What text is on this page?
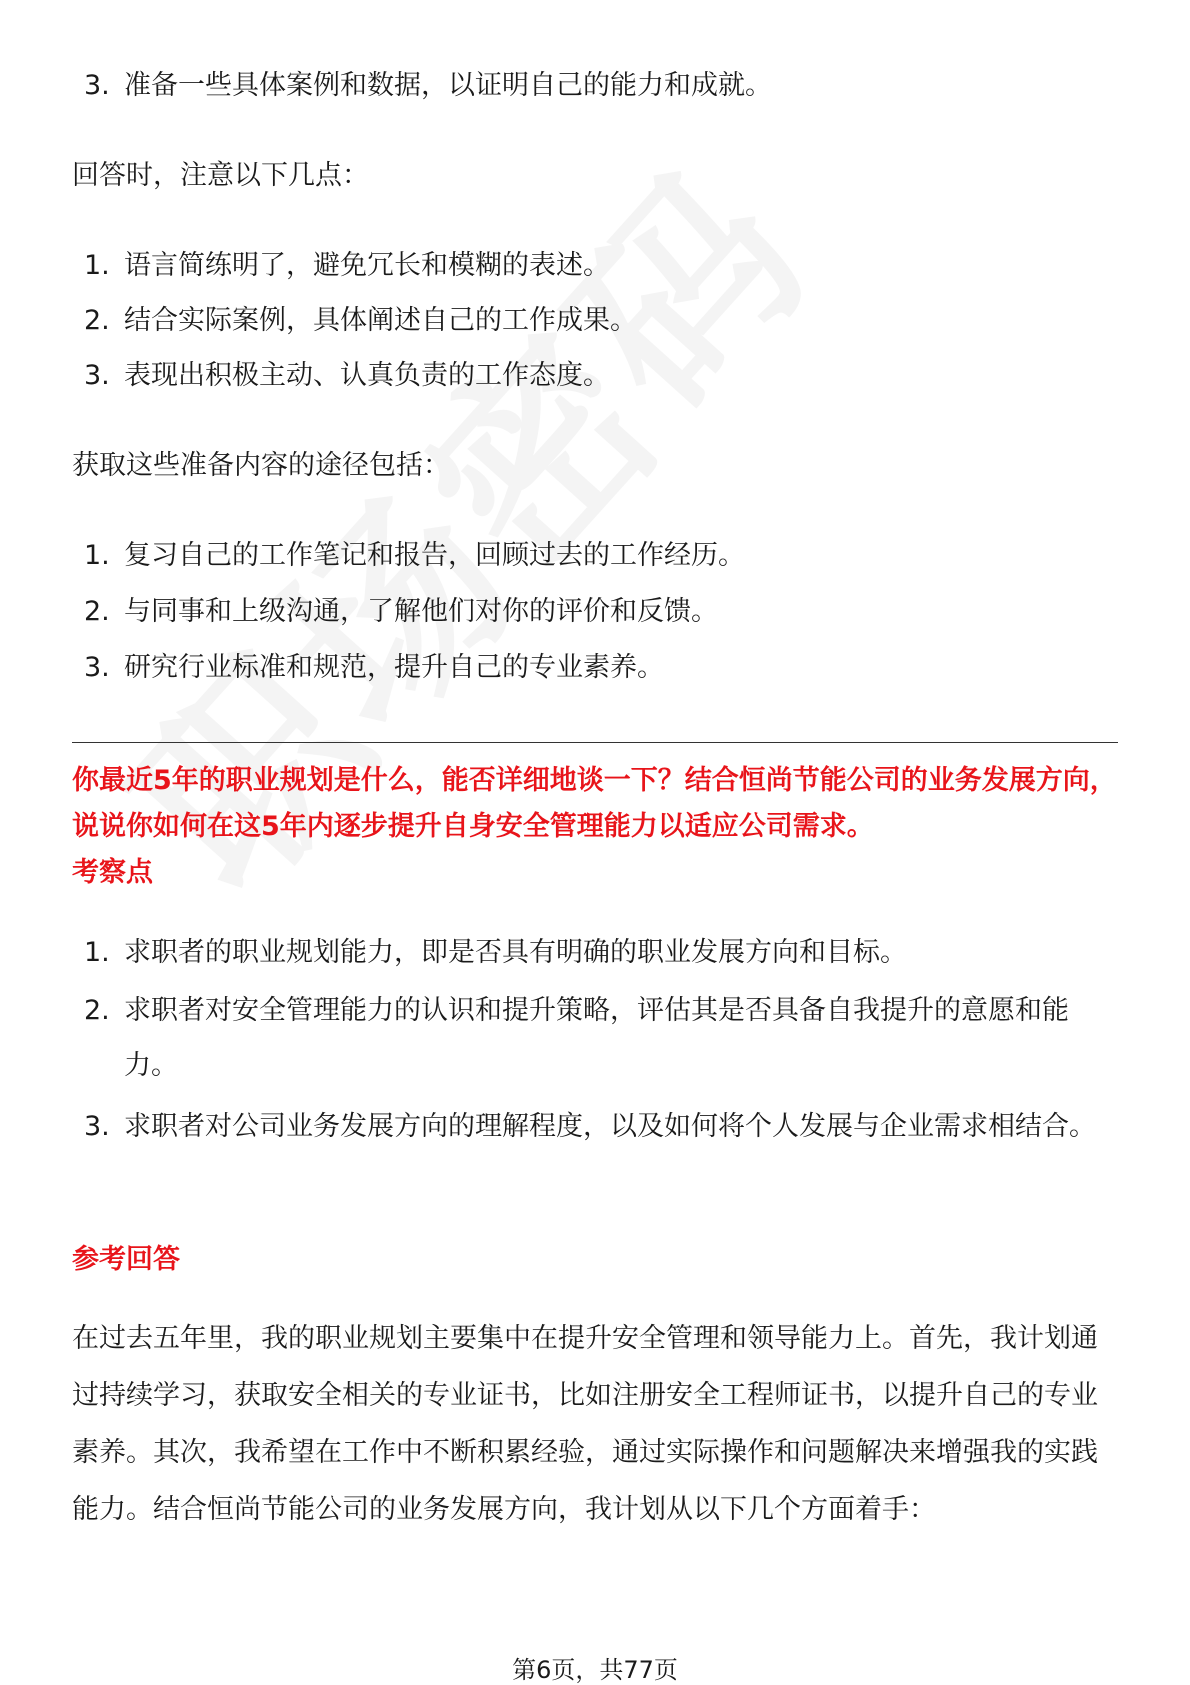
3. 准备一些具体案例和数据，以证明自己的能力和成就。
回答时，注意以下几点：
1. 语言简练明了，避免冗长和模糊的表述。
2. 结合实际案例，具体阐述自己的工作成果。
3. 表现出积极主动、认真负责的工作态度。
获取这些准备内容的途径包括：
1. 复习自己的工作笔记和报告，回顾过去的工作经历。
2. 与同事和上级沟通，了解他们对你的评价和反馈。
3. 研究行业标准和规范，提升自己的专业素养。
你最近5年的职业规划是什么，能否详细地谈一下？结合恒尚节能公司的业务发展方向，说说你如何在这5年内逐步提升自身安全管理能力以适应公司需求。
考察点
1. 求职者的职业规划能力，即是否具有明确的职业发展方向和目标。
2. 求职者对安全管理能力的认识和提升策略，评估其是否具备自我提升的意愿和能力。
3. 求职者对公司业务发展方向的理解程度，以及如何将个人发展与企业需求相结合。
参考回答
在过去五年里，我的职业规划主要集中在提升安全管理和领导能力上。首先，我计划通过持续学习，获取安全相关的专业证书，比如注册安全工程师证书，以提升自己的专业素养。其次，我希望在工作中不断积累经验，通过实际操作和问题解决来增强我的实践能力。结合恒尚节能公司的业务发展方向，我计划从以下几个方面着手：
第6页，共77页
